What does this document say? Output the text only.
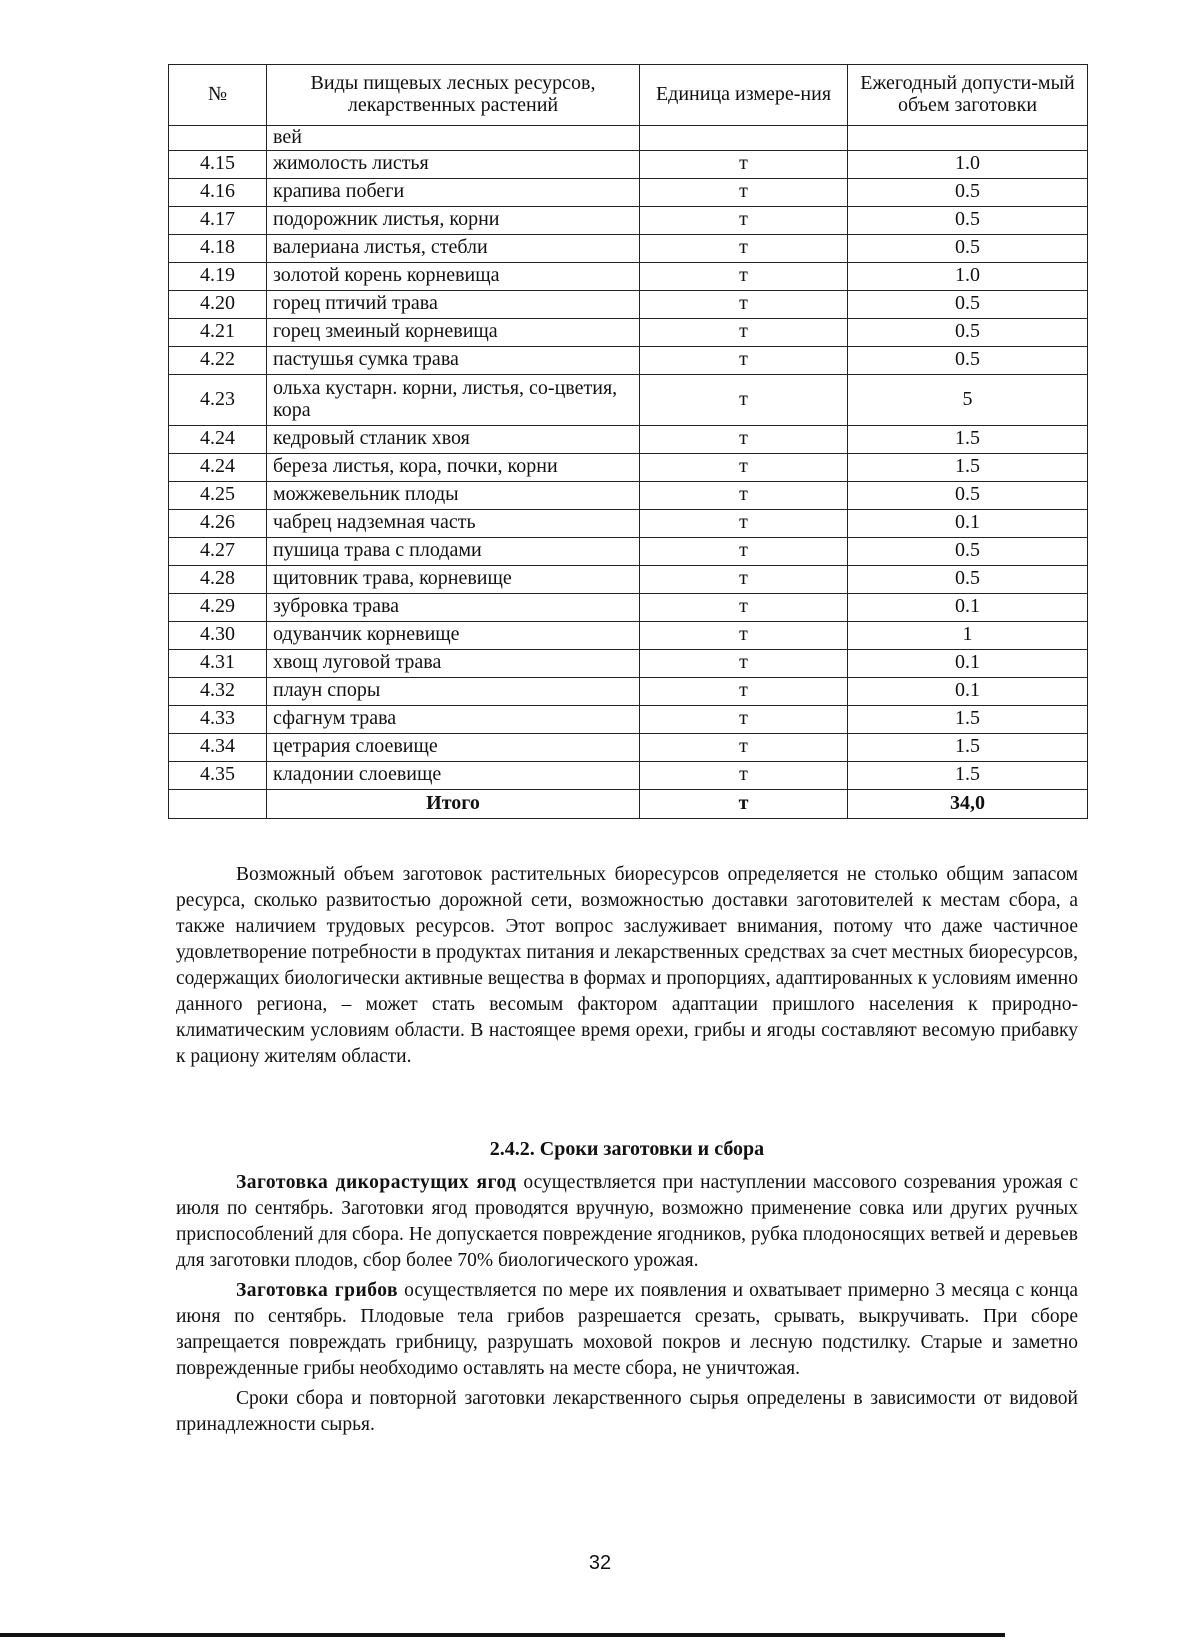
№	Виды пищевых лесных ресурсов, лекарственных растений	Единица измере-ния	Ежегодный допусти-мый объем заготовки
	вей		
4.15	жимолость листья	т	1.0
4.16	крапива побеги	т	0.5
4.17	подорожник листья, корни	т	0.5
4.18	валериана листья, стебли	т	0.5
4.19	золотой корень корневища	т	1.0
4.20	горец птичий трава	т	0.5
4.21	горец змеиный корневища	т	0.5
4.22	пастушья сумка трава	т	0.5
4.23	ольха кустарн. корни, листья, со-цветия, кора	т	5
4.24	кедровый стланик хвоя	т	1.5
4.24	береза листья, кора, почки, корни	т	1.5
4.25	можжевельник плоды	т	0.5
4.26	чабрец надземная часть	т	0.1
4.27	пушица трава с плодами	т	0.5
4.28	щитовник трава, корневище	т	0.5
4.29	зубровка трава	т	0.1
4.30	одуванчик корневище	т	1
4.31	хвощ луговой трава	т	0.1
4.32	плаун споры	т	0.1
4.33	сфагнум трава	т	1.5
4.34	цетрария слоевище	т	1.5
4.35	кладонии слоевище	т	1.5
	Итого	т	34,0

Возможный объем заготовок растительных биоресурсов определяется не столько общим запасом ресурса, сколько развитостью дорожной сети, возможностью доставки заготовителей к местам сбора, а также наличием трудовых ресурсов. Этот вопрос заслуживает внимания, потому что даже частичное удовлетворение потребности в продуктах питания и лекарственных средствах за счет местных биоресурсов, содержащих биологически активные вещества в формах и пропорциях, адаптированных к условиям именно данного региона, – может стать весомым фактором адаптации пришлого населения к природно-климатическим условиям области. В настоящее время орехи, грибы и ягоды составляют весомую прибавку к рациону жителям области.

2.4.2. Сроки заготовки и сбора

Заготовка дикорастущих ягод осуществляется при наступлении массового созревания урожая с июля по сентябрь. Заготовки ягод проводятся вручную, возможно применение совка или других ручных приспособлений для сбора. Не допускается повреждение ягодников, рубка плодоносящих ветвей и деревьев для заготовки плодов, сбор более 70% биологического урожая.

Заготовка грибов осуществляется по мере их появления и охватывает примерно 3 месяца с конца июня по сентябрь. Плодовые тела грибов разрешается срезать, срывать, выкручивать. При сборе запрещается повреждать грибницу, разрушать моховой покров и лесную подстилку. Старые и заметно поврежденные грибы необходимо оставлять на месте сбора, не уничтожая.

Сроки сбора и повторной заготовки лекарственного сырья определены в зависимости от видовой принадлежности сырья.

32
